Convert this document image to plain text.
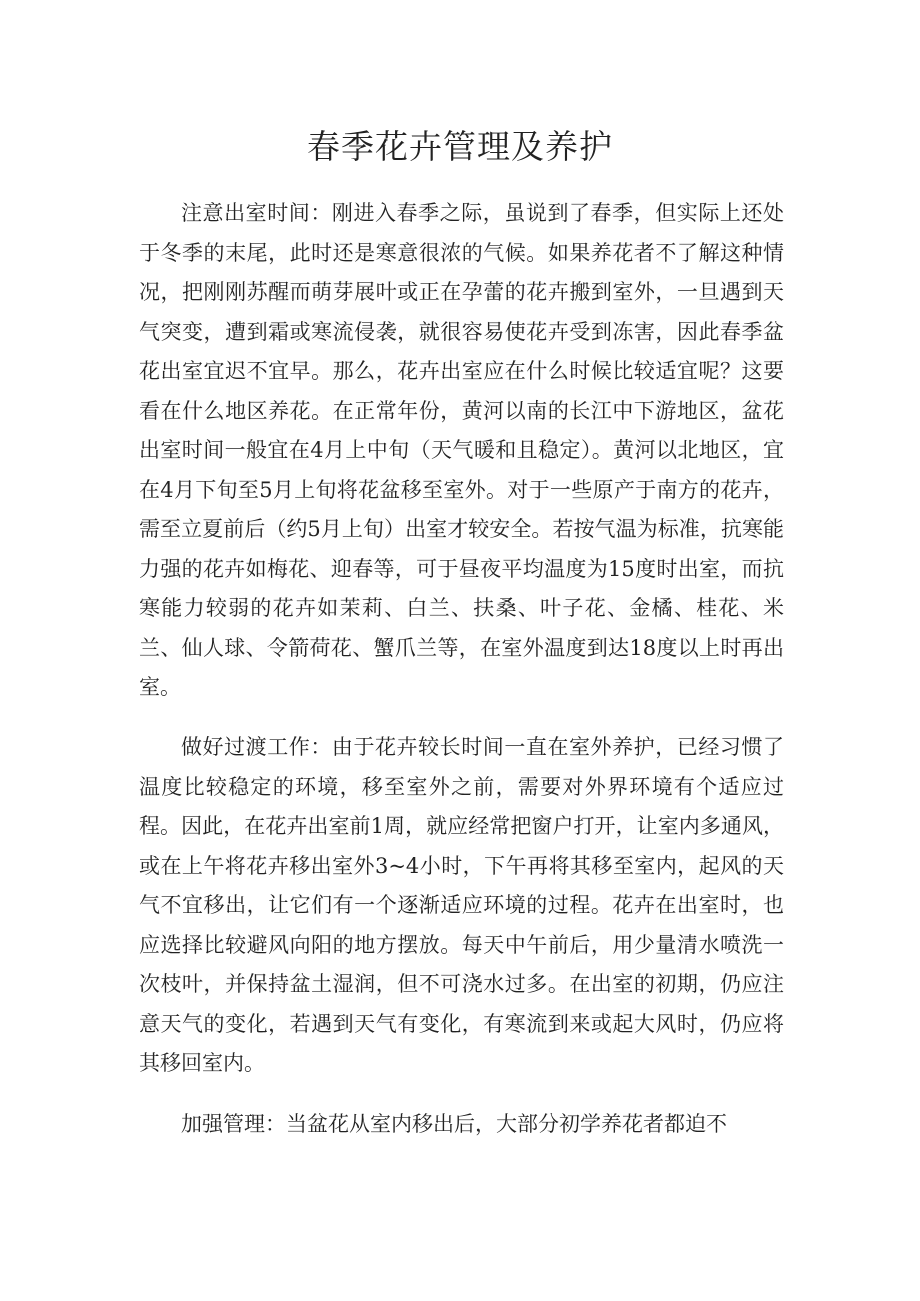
春季花卉管理及养护

注意出室时间：刚进入春季之际，虽说到了春季，但实际上还处于冬季的末尾，此时还是寒意很浓的气候。如果养花者不了解这种情况，把刚刚苏醒而萌芽展叶或正在孕蕾的花卉搬到室外，一旦遇到天气突变，遭到霜或寒流侵袭，就很容易使花卉受到冻害，因此春季盆花出室宜迟不宜早。那么，花卉出室应在什么时候比较适宜呢？这要看在什么地区养花。在正常年份，黄河以南的长江中下游地区，盆花出室时间一般宜在4月上中旬（天气暖和且稳定）。黄河以北地区，宜在4月下旬至5月上旬将花盆移至室外。对于一些原产于南方的花卉，需至立夏前后（约5月上旬）出室才较安全。若按气温为标准，抗寒能力强的花卉如梅花、迎春等，可于昼夜平均温度为15度时出室，而抗寒能力较弱的花卉如茉莉、白兰、扶桑、叶子花、金橘、桂花、米兰、仙人球、令箭荷花、蟹爪兰等，在室外温度到达18度以上时再出室。

做好过渡工作：由于花卉较长时间一直在室外养护，已经习惯了温度比较稳定的环境，移至室外之前，需要对外界环境有个适应过程。因此，在花卉出室前1周，就应经常把窗户打开，让室内多通风，或在上午将花卉移出室外3~4小时，下午再将其移至室内，起风的天气不宜移出，让它们有一个逐渐适应环境的过程。花卉在出室时，也应选择比较避风向阳的地方摆放。每天中午前后，用少量清水喷洗一次枝叶，并保持盆土湿润，但不可浇水过多。在出室的初期，仍应注意天气的变化，若遇到天气有变化，有寒流到来或起大风时，仍应将其移回室内。

加强管理：当盆花从室内移出后，大部分初学养花者都迫不
